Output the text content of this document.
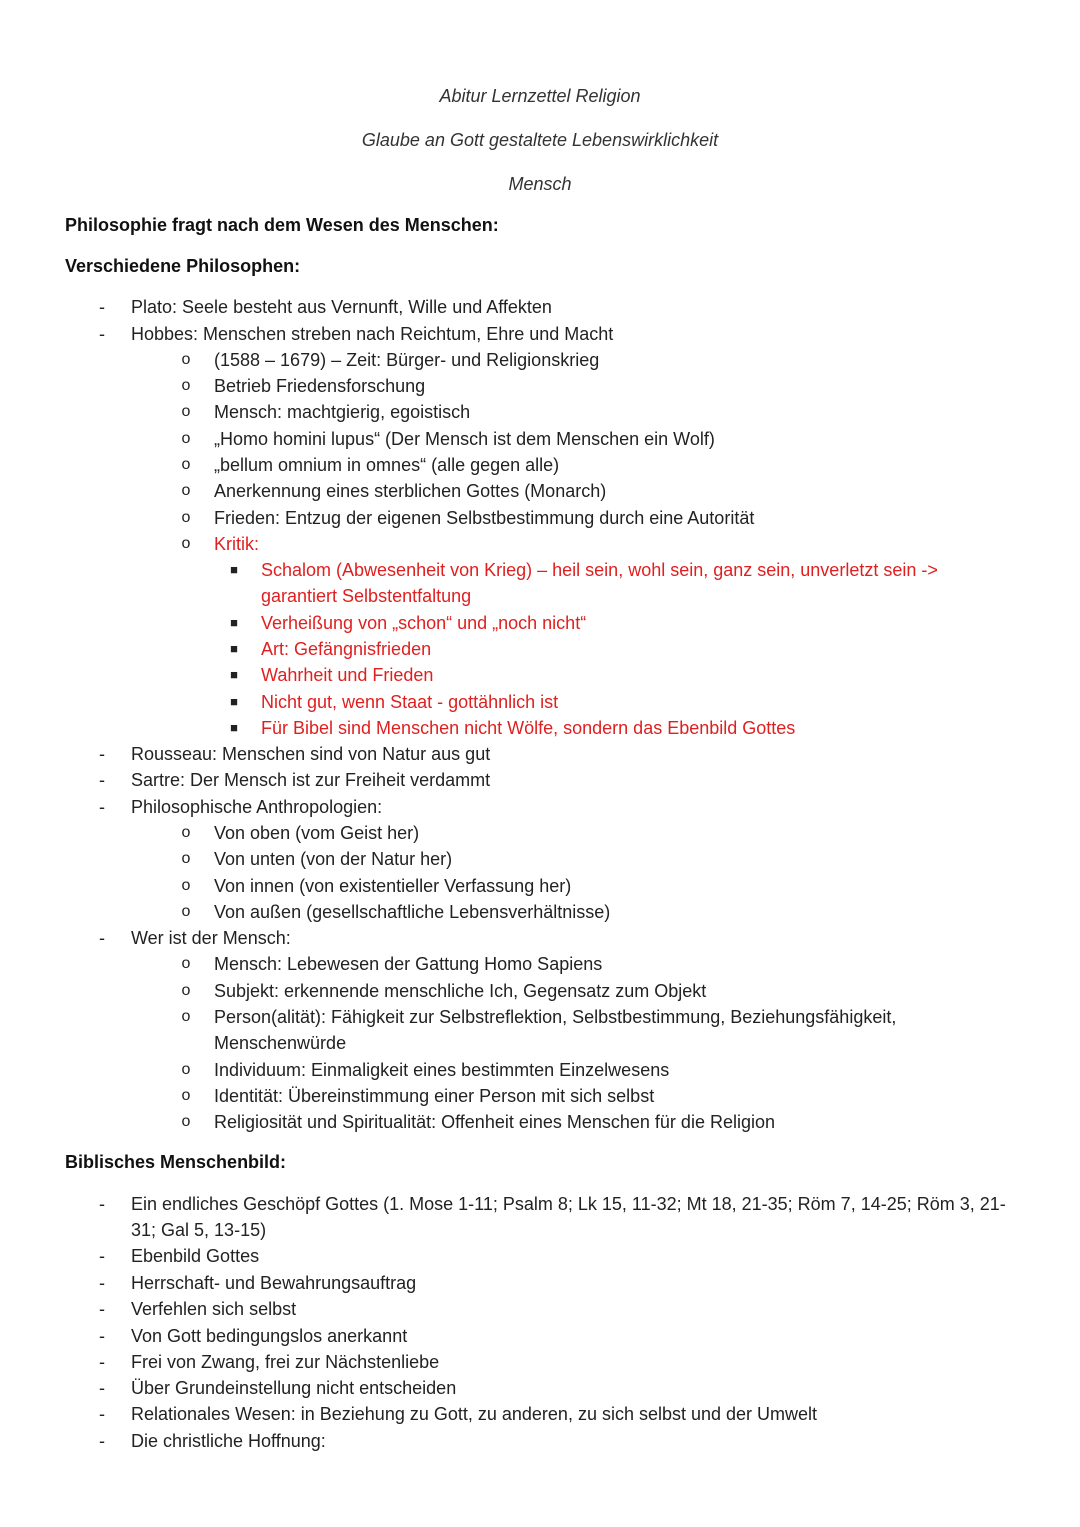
Abitur Lernzettel Religion
Glaube an Gott gestaltete Lebenswirklichkeit
Mensch
Philosophie fragt nach dem Wesen des Menschen:
Verschiedene Philosophen:
- Plato: Seele besteht aus Vernunft, Wille und Affekten
- Hobbes: Menschen streben nach Reichtum, Ehre und Macht
o (1588 – 1679) – Zeit: Bürger- und Religionskrieg
o Betrieb Friedensforschung
o Mensch: machtgierig, egoistisch
o „Homo homini lupus“ (Der Mensch ist dem Menschen ein Wolf)
o „bellum omnium in omnes“ (alle gegen alle)
o Anerkennung eines sterblichen Gottes (Monarch)
o Frieden: Entzug der eigenen Selbstbestimmung durch eine Autorität
o Kritik:
■ Schalom (Abwesenheit von Krieg) – heil sein, wohl sein, ganz sein, unverletzt sein ->
garantiert Selbstentfaltung
■ Verheißung von „schon“ und „noch nicht“
■ Art: Gefängnisfrieden
■ Wahrheit und Frieden
■ Nicht gut, wenn Staat - gottähnlich ist
■ Für Bibel sind Menschen nicht Wölfe, sondern das Ebenbild Gottes
- Rousseau: Menschen sind von Natur aus gut
- Sartre: Der Mensch ist zur Freiheit verdammt
- Philosophische Anthropologien:
o Von oben (vom Geist her)
o Von unten (von der Natur her)
o Von innen (von existentieller Verfassung her)
o Von außen (gesellschaftliche Lebensverhältnisse)
- Wer ist der Mensch:
o Mensch: Lebewesen der Gattung Homo Sapiens
o Subjekt: erkennende menschliche Ich, Gegensatz zum Objekt
o Person(alität): Fähigkeit zur Selbstreflektion, Selbstbestimmung, Beziehungsfähigkeit,
Menschenwürde
o Individuum: Einmaligkeit eines bestimmten Einzelwesens
o Identität: Übereinstimmung einer Person mit sich selbst
o Religiosität und Spiritualität: Offenheit eines Menschen für die Religion
Biblisches Menschenbild:
- Ein endliches Geschöpf Gottes (1. Mose 1-11; Psalm 8; Lk 15, 11-32; Mt 18, 21-35; Röm 7, 14-25; Röm 3, 21-
31; Gal 5, 13-15)
- Ebenbild Gottes
- Herrschaft- und Bewahrungsauftrag
- Verfehlen sich selbst
- Von Gott bedingungslos anerkannt
- Frei von Zwang, frei zur Nächstenliebe
- Über Grundeinstellung nicht entscheiden
- Relationales Wesen: in Beziehung zu Gott, zu anderen, zu sich selbst und der Umwelt
- Die christliche Hoffnung:
